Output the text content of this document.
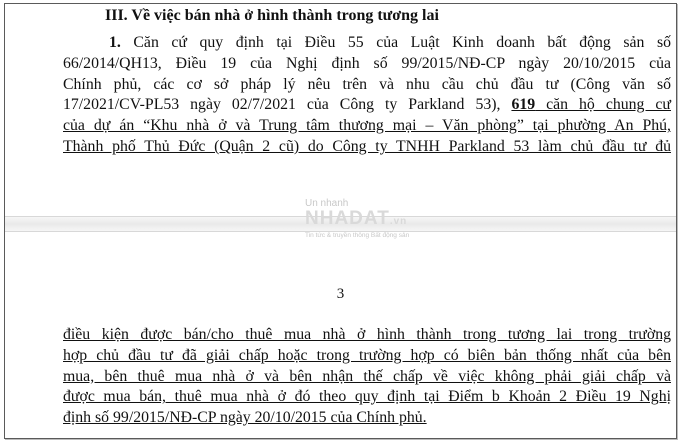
III. Về việc bán nhà ở hình thành trong tương lai

1. Căn cứ quy định tại Điều 55 của Luật Kinh doanh bất động sản số
66/2014/QH13, Điều 19 của Nghị định số 99/2015/NĐ-CP ngày 20/10/2015 của
Chính phủ, các cơ sở pháp lý nêu trên và nhu cầu chủ đầu tư (Công văn số
17/2021/CV-PL53 ngày 02/7/2021 của Công ty Parkland 53), 619 căn hộ chung cư
của dự án “Khu nhà ở và Trung tâm thương mại – Văn phòng” tại phường An Phú,
Thành phố Thủ Đức (Quận 2 cũ) do Công ty TNHH Parkland 53 làm chủ đầu tư đủ

3

điều kiện được bán/cho thuê mua nhà ở hình thành trong tương lai trong trường
hợp chủ đầu tư đã giải chấp hoặc trong trường hợp có biên bản thống nhất của bên
mua, bên thuê mua nhà ở và bên nhận thế chấp về việc không phải giải chấp và
được mua bán, thuê mua nhà ở đó theo quy định tại Điểm b Khoản 2 Điều 19 Nghị
định số 99/2015/NĐ-CP ngày 20/10/2015 của Chính phủ.
Un nhanh
NHADAT.vn
Tin tức & truyền thông Bất động sản
